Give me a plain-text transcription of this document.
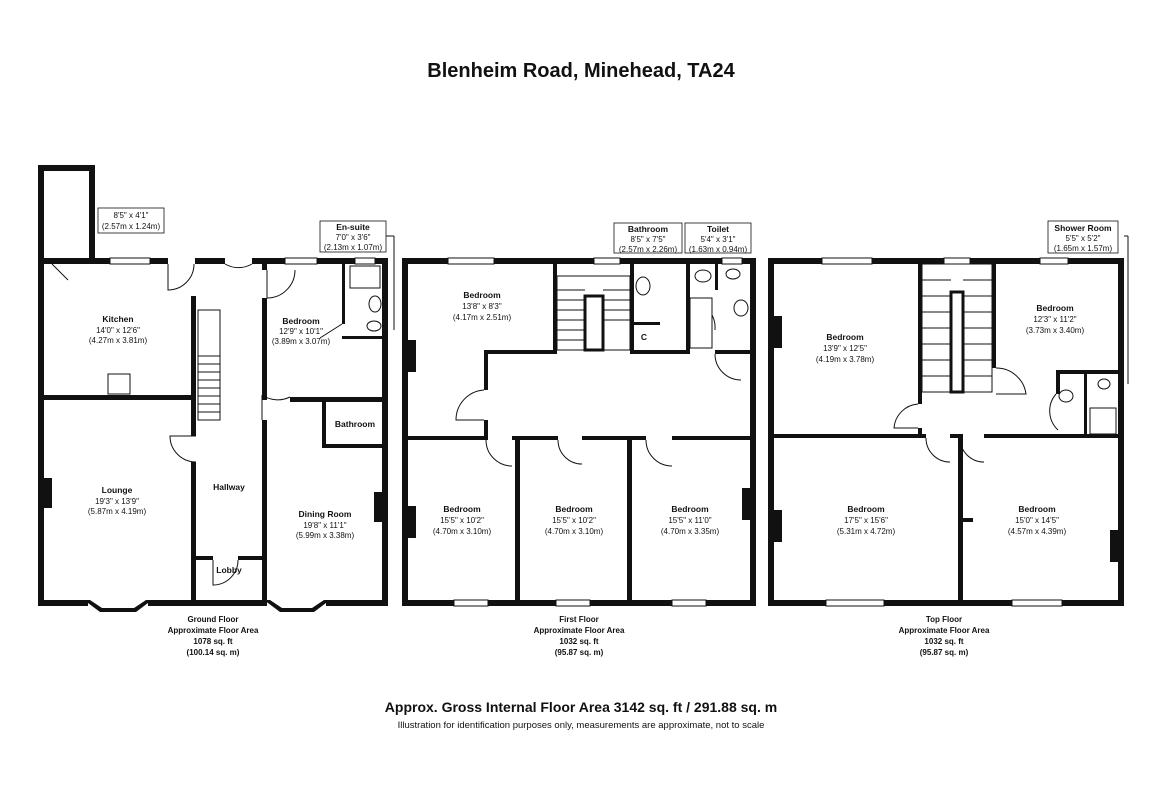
Blenheim Road, Minehead, TA24
8'5" x 4'1"
(2.57m x 1.24m)
Kitchen
14'0" x 12'6"
(4.27m x 3.81m)
Lounge
19'3" x 13'9"
(5.87m x 4.19m)
Hallway
Lobby
En-suite
7'0" x 3'6"
(2.13m x 1.07m)
Bedroom
12'9" x 10'1"
(3.89m x 3.07m)
Bathroom
Dining Room
19'8" x 11'1"
(5.99m x 3.38m)
Ground Floor
Approximate Floor Area
1078 sq. ft
(100.14 sq. m)
Bedroom
13'8" x 8'3"
(4.17m x 2.51m)
Bathroom
8'5" x 7'5"
(2.57m x 2.26m)
Toilet
5'4" x 3'1"
(1.63m x 0.94m)
C
Bedroom
15'5" x 10'2"
(4.70m x 3.10m)
Bedroom
15'5" x 10'2"
(4.70m x 3.10m)
Bedroom
15'5" x 11'0"
(4.70m x 3.35m)
First Floor
Approximate Floor Area
1032 sq. ft
(95.87 sq. m)
Bedroom
13'9" x 12'5"
(4.19m x 3.78m)
Shower Room
5'5" x 5'2"
(1.65m x 1.57m)
Bedroom
12'3" x 11'2"
(3.73m x 3.40m)
Bedroom
17'5" x 15'6"
(5.31m x 4.72m)
Bedroom
15'0" x 14'5"
(4.57m x 4.39m)
Top Floor
Approximate Floor Area
1032 sq. ft
(95.87 sq. m)
Approx. Gross Internal Floor Area 3142 sq. ft / 291.88 sq. m
Illustration for identification purposes only, measurements are approximate, not to scale
